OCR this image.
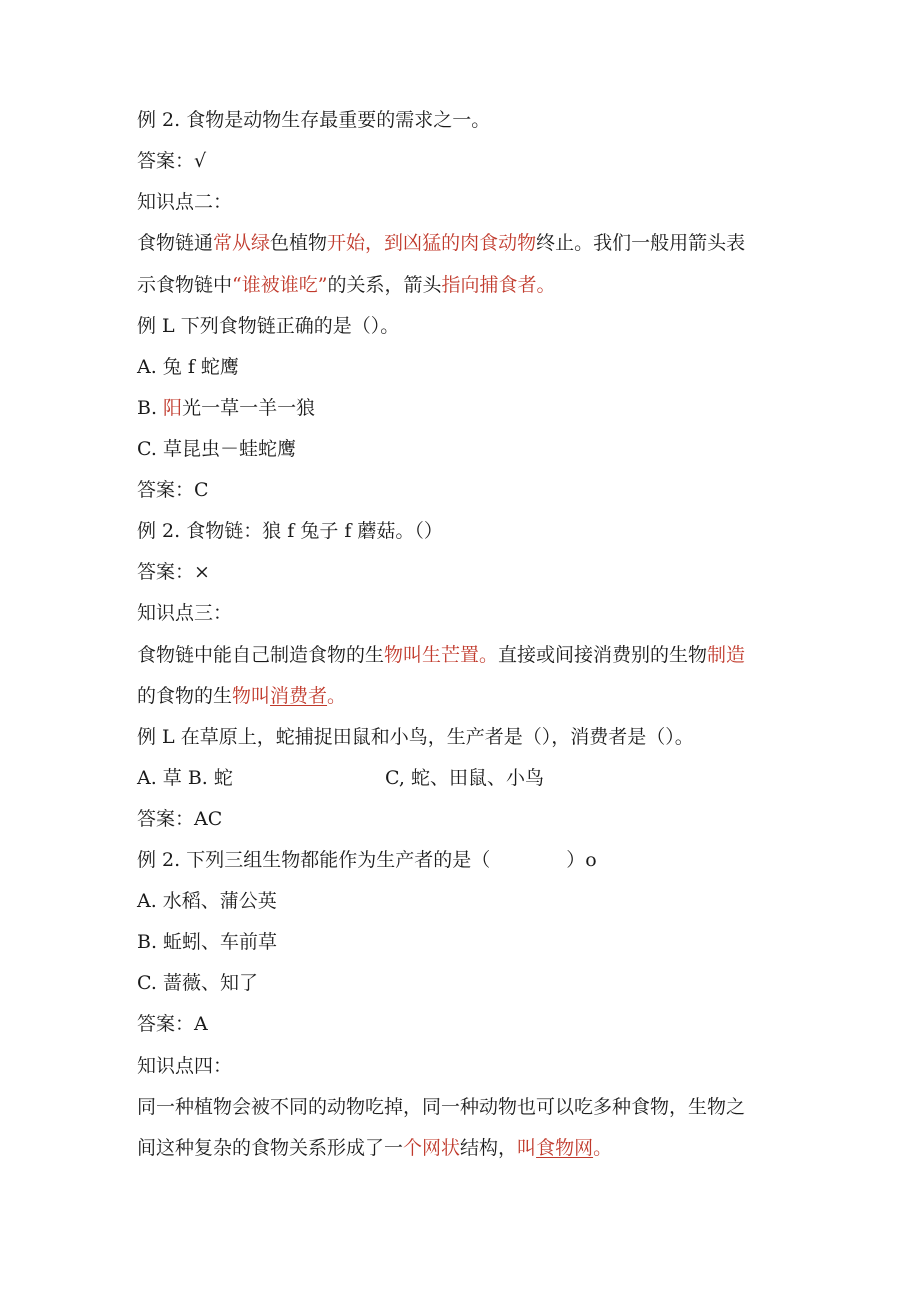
例 2. 食物是动物生存最重要的需求之一。
答案：√
知识点二：
食物链通常从绿色植物开始，到凶猛的肉食动物终止。我们一般用箭头表
示食物链中“谁被谁吃”的关系，箭头指向捕食者。
例 L 下列食物链正确的是（）。
A. 兔 f 蛇鹰
B. 阳光一草一羊一狼
C. 草昆虫－蛙蛇鹰
答案：C
例 2. 食物链：狼 f 兔子 f 蘑菇。（）
答案：×
知识点三：
食物链中能自己制造食物的生物叫生芒置。直接或间接消费别的生物制造
的食物的生物叫消费者。
例 L 在草原上，蛇捕捉田鼠和小鸟，生产者是（），消费者是（）。
A. 草 B. 蛇	C, 蛇、田鼠、小鸟
答案：AC
例 2. 下列三组生物都能作为生产者的是（　　　　）o
A. 水稻、蒲公英
B. 蚯蚓、车前草
C. 蔷薇、知了
答案：A
知识点四：
同一种植物会被不同的动物吃掉，同一种动物也可以吃多种食物，生物之
间这种复杂的食物关系形成了一个网状结构，叫食物网。
